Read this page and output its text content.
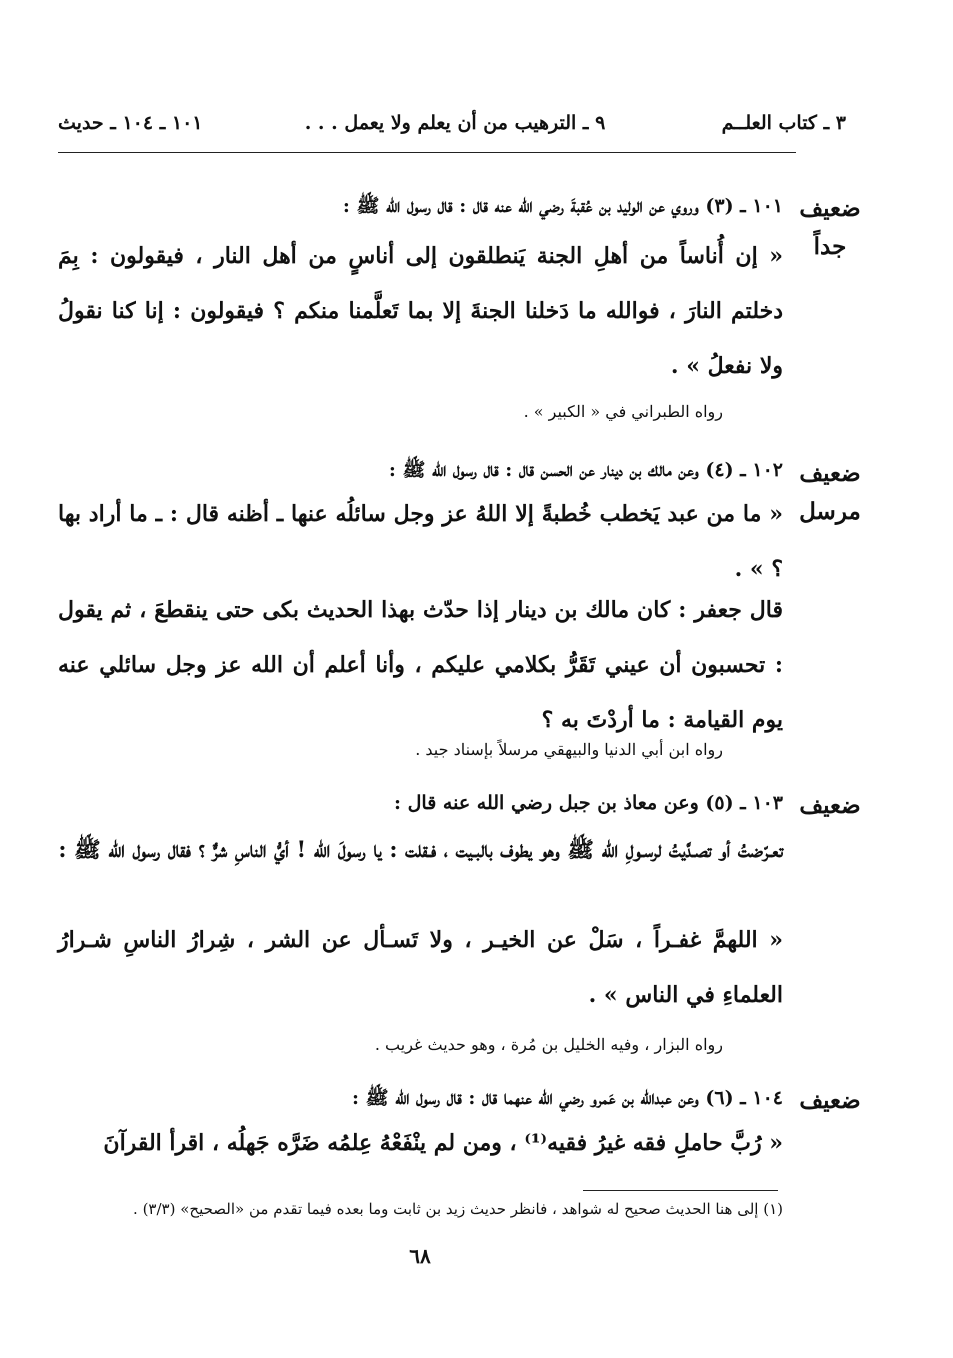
١٠١ ـ ١٠٤ ـ حديث	٩ ـ الترهيب من أن يعلم ولا يعمل . . .	٣ ـ كتاب العلــم
ضعيف
جداً
١٠١ ـ (٣) وروي عن الوليد بن عُقبةَ رضي الله عنه قال : قال رسول الله ﷺ :
« إن أُناساً من أهلِ الجنة يَنطلقون إلى أناسٍ من أهل النار ، فيقولون : بِمَ دخلتم النارَ ، فوالله ما دَخلنا الجنةَ إلا بما تَعلَّمنا منكم ؟ فيقولون : إنا كنا نقولُ ولا نفعلُ » .
رواه الطبراني في « الكبير » .
ضعيف
مرسل
١٠٢ ـ (٤) وعن مالك بن دينار عن الحسن قال : قال رسول الله ﷺ :
« ما من عبد يَخطب خُطبةً إلا اللهُ عز وجل سائلُه عنها ـ أظنه قال : ـ ما أراد بها ؟ » .
قال جعفر : كان مالك بن دينار إذا حدّث بهذا الحديث بكى حتى ينقطعَ ، ثم يقول : تحسبون أن عيني تَقَرُّ بكلامي عليكم ، وأنا أعلم أن الله عز وجل سائلي عنه يوم القيامة : ما أردْتَ به ؟
رواه ابن أبي الدنيا والبيهقي مرسلاً بإسناد جيد .
ضعيف
١٠٣ ـ (٥) وعن معاذ بن جبل رضي الله عنه قال :
تعـرّضتُ أو تصـدَّيتُ لرسـولِ الله ﷺ وهو يطوف بالبـيت ، فـقلت : يا رسولَ الله ! أيُّ الناسِ شرٌّ ؟ فقال رسول الله ﷺ :
« اللهمَّ غفـراً ، سَلْ عن الخيـر ، ولا تَسـأل عن الشر ، شِرارُ الناسِ شـرارُ العلماءِ في الناس » .
رواه البزار ، وفيه الخليل بن مُرة ، وهو حديث غريب .
ضعيف
١٠٤ ـ (٦) وعن عبدالله بن عَمرو رضي الله عنهما قال : قال رسول الله ﷺ :
« رُبَّ حاملِ فقه غيرُ فقيه⁽¹⁾ ، ومن لم ينْفَعْهُ عِلمُه ضَرَّه جَهلُه ، اقرأ القرآنَ
(١) إلى هنا الحديث صحيح له شواهد ، فانظر حديث زيد بن ثابت وما بعده فيما تقدم من «الصحيح» (٣/٣) .
٦٨
